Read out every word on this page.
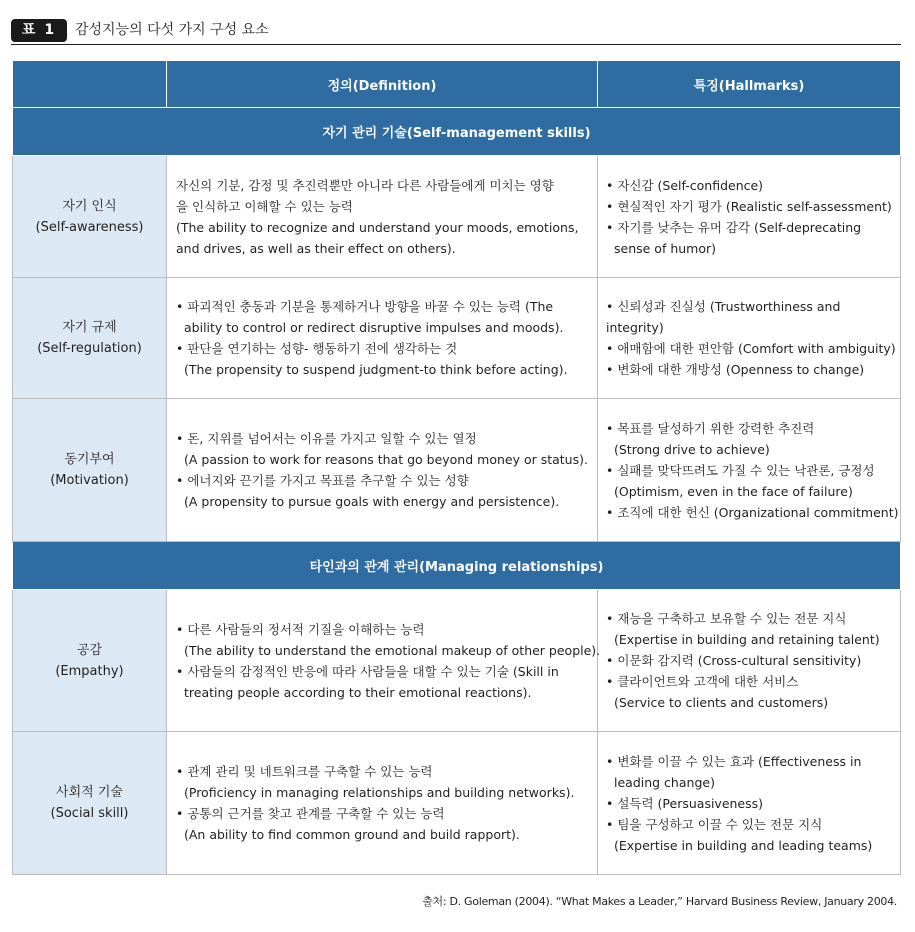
표 1	감성지능의 다섯 가지 구성 요소
	정의(Definition)	특징(Hallmarks)
자기 관리 기술(Self-management skills)		

자기 인식
(Self-awareness)	자신의 기분, 감정 및 추진력뿐만 아니라 다른 사람들에게 미치는 영향
을 인식하고 이해할 수 있는 능력
(The ability to recognize and understand your moods, emotions,
and drives, as well as their effect on others).	• 자신감 (Self-confidence)
• 현실적인 자기 평가 (Realistic self-assessment)
• 자기를 낮추는 유머 감각 (Self-deprecating
sense of humor)

자기 규제
(Self-regulation)	• 파괴적인 충동과 기분을 통제하거나 방향을 바꿀 수 있는 능력 (The
ability to control or redirect disruptive impulses and moods).
• 판단을 연기하는 성향- 행동하기 전에 생각하는 것
(The propensity to suspend judgment-to think before acting).	• 신뢰성과 진실성 (Trustworthiness and
integrity)
• 애매함에 대한 편안함 (Comfort with ambiguity)
• 변화에 대한 개방성 (Openness to change)

동기부여
(Motivation)	• 돈, 지위를 넘어서는 이유를 가지고 일할 수 있는 열정
(A passion to work for reasons that go beyond money or status).
• 에너지와 끈기를 가지고 목표를 추구할 수 있는 성향
(A propensity to pursue goals with energy and persistence).	• 목표를 달성하기 위한 강력한 추진력
(Strong drive to achieve)
• 실패를 맞닥뜨려도 가질 수 있는 낙관론, 긍정성
(Optimism, even in the face of failure)
• 조직에 대한 헌신 (Organizational commitment)

타인과의 관계 관리(Managing relationships)		

공감
(Empathy)	• 다른 사람들의 정서적 기질을 이해하는 능력
(The ability to understand the emotional makeup of other people).
• 사람들의 감정적인 반응에 따라 사람들을 대할 수 있는 기술 (Skill in
treating people according to their emotional reactions).	• 재능을 구축하고 보유할 수 있는 전문 지식
(Expertise in building and retaining talent)
• 이문화 감지력 (Cross-cultural sensitivity)
• 클라이언트와 고객에 대한 서비스
(Service to clients and customers)

사회적 기술
(Social skill)	• 관계 관리 및 네트워크를 구축할 수 있는 능력
(Proficiency in managing relationships and building networks).
• 공통의 근거를 찾고 관계를 구축할 수 있는 능력
(An ability to find common ground and build rapport).	• 변화를 이끌 수 있는 효과 (Effectiveness in
leading change)
• 설득력 (Persuasiveness)
• 팀을 구성하고 이끌 수 있는 전문 지식
(Expertise in building and leading teams)
출처: D. Goleman (2004). “What Makes a Leader,” Harvard Business Review, January 2004.
